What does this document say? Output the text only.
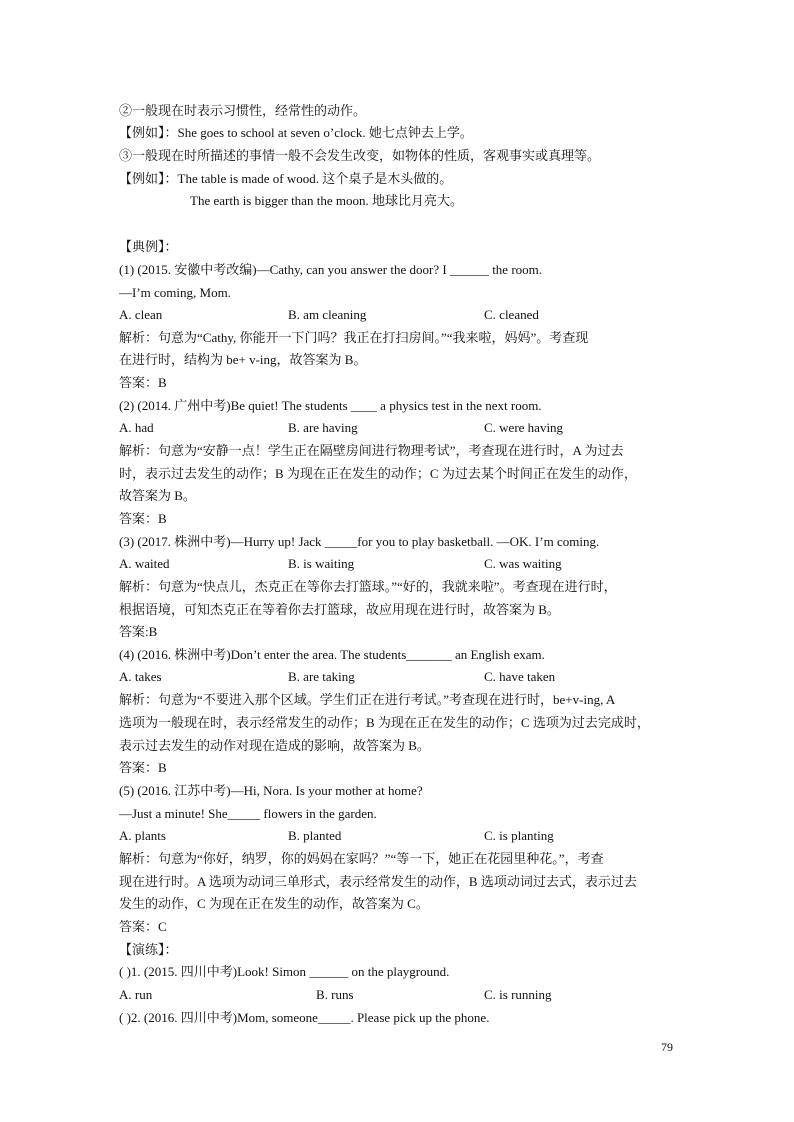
②一般现在时表示习惯性，经常性的动作。
【例如】：She goes to school at seven o’clock. 她七点钟去上学。
③一般现在时所描述的事情一般不会发生改变，如物体的性质，客观事实或真理等。
【例如】：The table is made of wood. 这个桌子是木头做的。
The earth is bigger than the moon. 地球比月亮大。
【典例】：
(1) (2015. 安徽中考改编)—Cathy, can you answer the door? I ______ the room.
—I’m coming, Mom.
A. clean	B. am cleaning	C. cleaned
解析：句意为“Cathy, 你能开一下门吗？我正在打扫房间。”“我来啦，妈妈”。考查现
在进行时，结构为 be+ v-ing，故答案为 B。
答案：B
(2) (2014. 广州中考)Be quiet! The students ____ a physics test in the next room.
A. had	B. are having	C. were having
解析：句意为“安静一点！学生正在隔壁房间进行物理考试”，考查现在进行时，A 为过去
时，表示过去发生的动作；B 为现在正在发生的动作；C 为过去某个时间正在发生的动作，
故答案为 B。
答案：B
(3) (2017. 株洲中考)—Hurry up! Jack _____for you to play basketball. —OK. I’m coming.
A. waited	B. is waiting	C. was waiting
解析：句意为“快点儿，杰克正在等你去打篮球。”“好的，我就来啦”。考查现在进行时，
根据语境，可知杰克正在等着你去打篮球，故应用现在进行时，故答案为 B。
答案:B
(4) (2016. 株洲中考)Don’t enter the area. The students_______ an English exam.
A. takes	B. are taking	C. have taken
解析：句意为“不要进入那个区域。学生们正在进行考试。”考查现在进行时，be+v-ing, A
选项为一般现在时，表示经常发生的动作；B 为现在正在发生的动作；C 选项为过去完成时，
表示过去发生的动作对现在造成的影响，故答案为 B。
答案：B
(5) (2016. 江苏中考)—Hi, Nora. Is your mother at home?
—Just a minute! She_____ flowers in the garden.
A. plants	B. planted	C. is planting
解析：句意为“你好，纳罗，你的妈妈在家吗？”“等一下，她正在花园里种花。”，考查
现在进行时。A 选项为动词三单形式，表示经常发生的动作，B 选项动词过去式，表示过去
发生的动作，C 为现在正在发生的动作，故答案为 C。
答案：C
【演练】：
( )1. (2015. 四川中考)Look! Simon ______ on the playground.
A. run	B. runs	C. is running
( )2. (2016. 四川中考)Mom, someone_____. Please pick up the phone.
79
